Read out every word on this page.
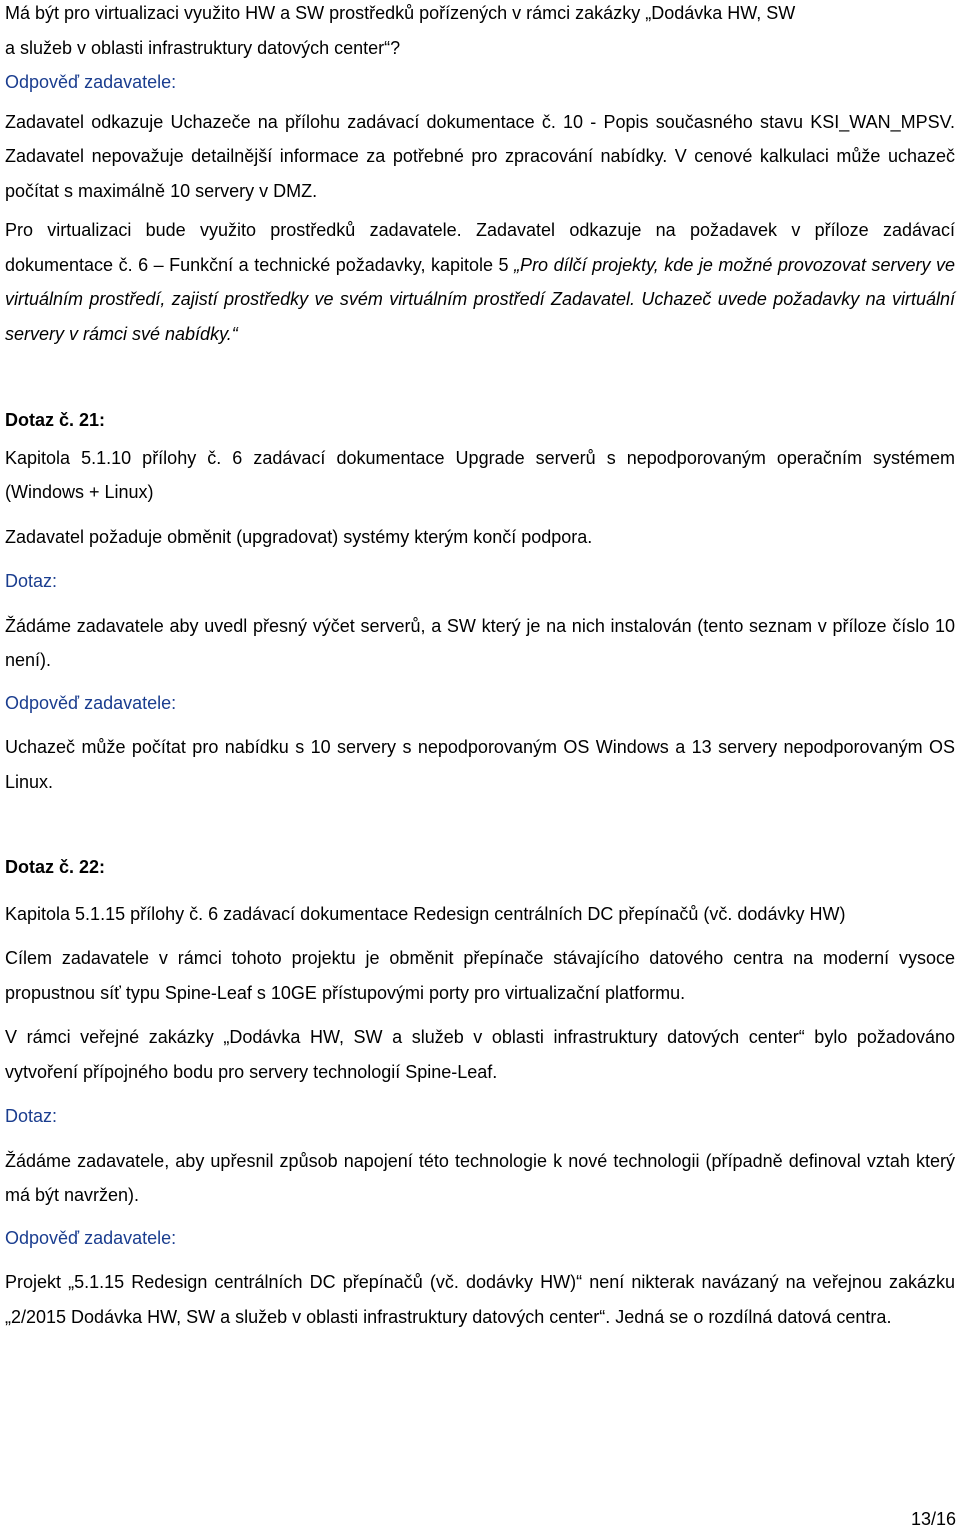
Má být pro virtualizaci využito HW a SW prostředků pořízených v rámci zakázky „Dodávka HW, SW

a služeb v oblasti infrastruktury datových center“?

Odpověď zadavatele:

Zadavatel odkazuje Uchazeče na přílohu zadávací dokumentace č. 10 - Popis současného stavu KSI_WAN_MPSV. Zadavatel nepovažuje detailnější informace za potřebné pro zpracování nabídky. V cenové kalkulaci může uchazeč počítat s maximálně 10 servery v DMZ.

Pro virtualizaci bude využito prostředků zadavatele. Zadavatel odkazuje na požadavek v příloze zadávací dokumentace č. 6 – Funkční a technické požadavky, kapitole 5 „Pro dílčí projekty, kde je možné provozovat servery ve virtuálním prostředí, zajistí prostředky ve svém virtuálním prostředí Zadavatel. Uchazeč uvede požadavky na virtuální servery v rámci své nabídky.“

Dotaz č. 21:

Kapitola 5.1.10 přílohy č. 6 zadávací dokumentace Upgrade serverů s nepodporovaným operačním systémem (Windows + Linux)

Zadavatel požaduje obměnit (upgradovat) systémy kterým končí podpora.

Dotaz:

Žádáme zadavatele aby uvedl přesný výčet serverů, a SW který je na nich instalován (tento seznam v příloze číslo 10 není).

Odpověď zadavatele:

Uchazeč může počítat pro nabídku s 10 servery s nepodporovaným OS Windows a 13 servery nepodporovaným OS Linux.

Dotaz č. 22:

Kapitola 5.1.15 přílohy č. 6 zadávací dokumentace Redesign centrálních DC přepínačů (vč. dodávky HW)

Cílem zadavatele v rámci tohoto projektu je obměnit přepínače stávajícího datového centra na moderní vysoce propustnou síť typu Spine-Leaf s 10GE přístupovými porty pro virtualizační platformu.

V rámci veřejné zakázky „Dodávka HW, SW a služeb v oblasti infrastruktury datových center“ bylo požadováno vytvoření přípojného bodu pro servery technologií Spine-Leaf.

Dotaz:

Žádáme zadavatele, aby upřesnil způsob napojení této technologie k nové technologii (případně definoval vztah který má být navržen).

Odpověď zadavatele:

Projekt „5.1.15 Redesign centrálních DC přepínačů (vč. dodávky HW)“ není nikterak navázaný na veřejnou zakázku „2/2015 Dodávka HW, SW a služeb v oblasti infrastruktury datových center“. Jedná se o rozdílná datová centra.

13/16
